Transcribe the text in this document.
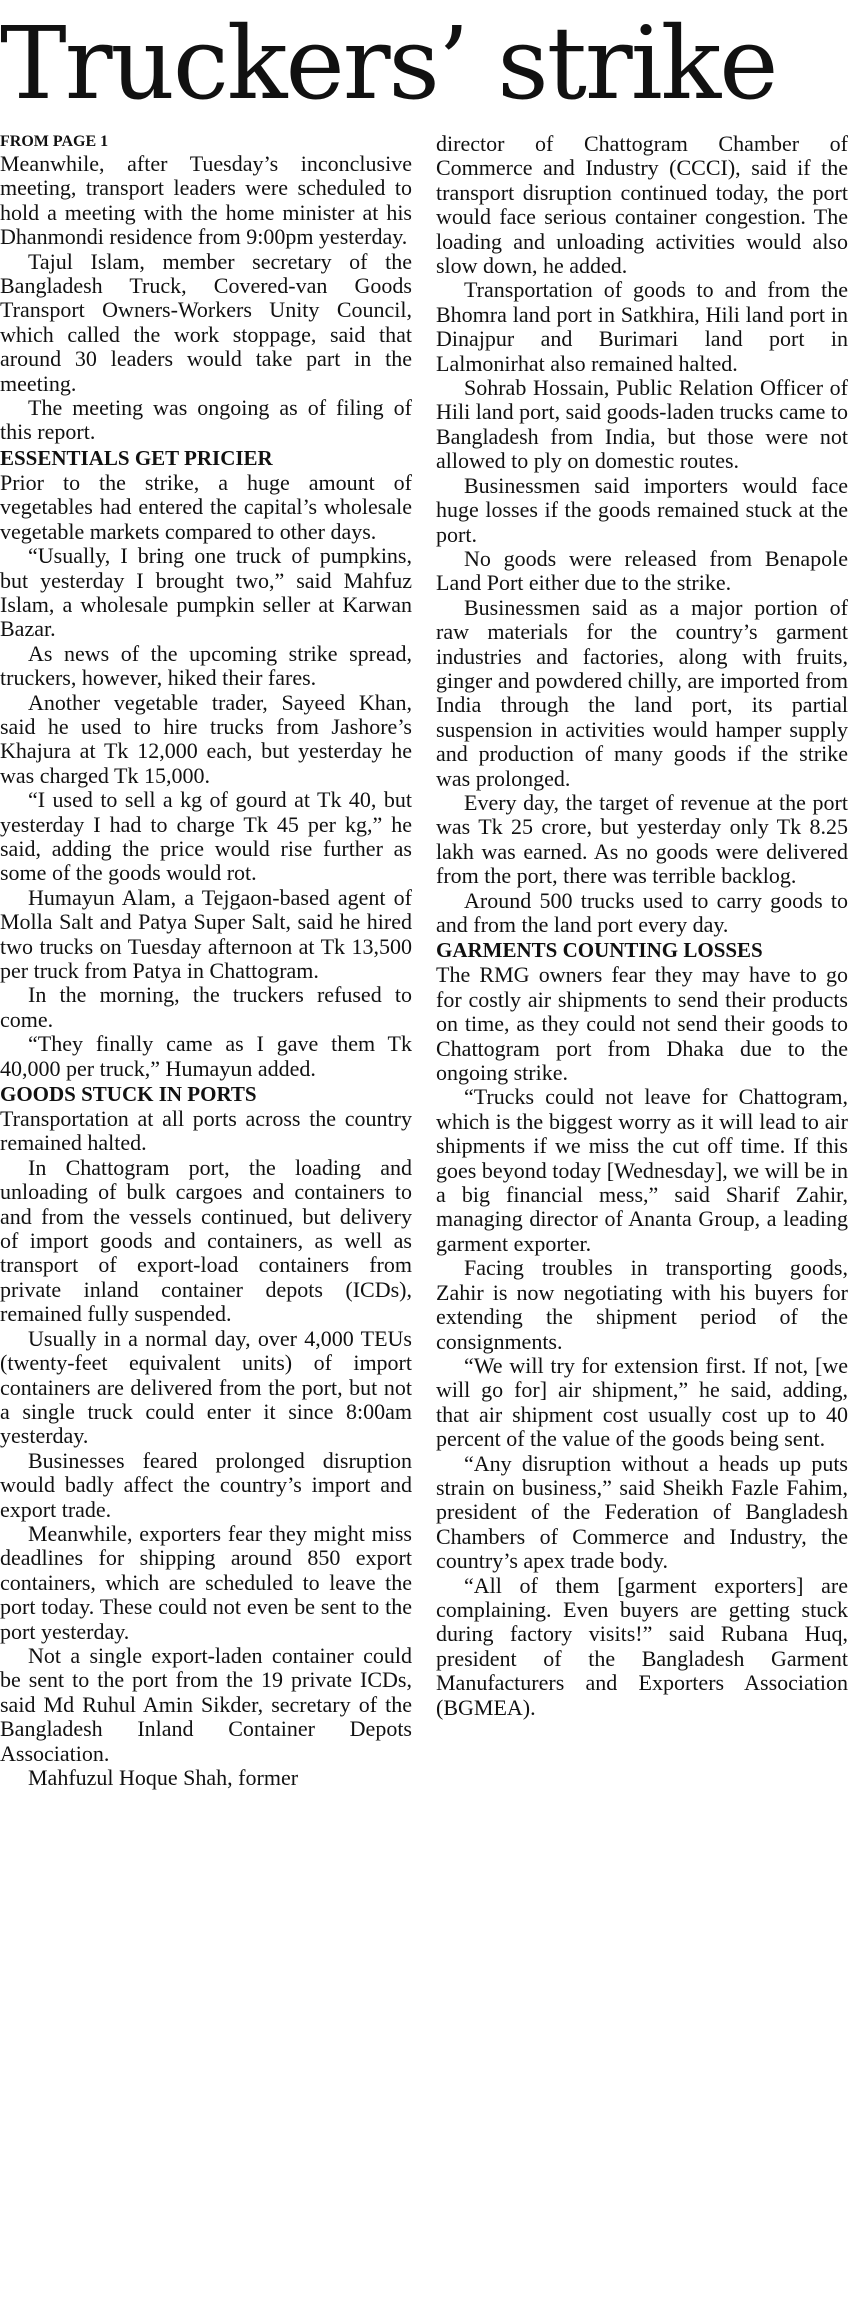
Truckers’ strike
FROM PAGE 1

Meanwhile, after Tuesday’s inconclusive meeting, transport leaders were scheduled to hold a meeting with the home minister at his Dhanmondi residence from 9:00pm yesterday.

Tajul Islam, member secretary of the Bangladesh Truck, Covered-van Goods Transport Owners-Workers Unity Council, which called the work stoppage, said that around 30 leaders would take part in the meeting.

The meeting was ongoing as of filing of this report.

ESSENTIALS GET PRICIER

Prior to the strike, a huge amount of vegetables had entered the capital’s wholesale vegetable markets compared to other days.

“Usually, I bring one truck of pumpkins, but yesterday I brought two,” said Mahfuz Islam, a wholesale pumpkin seller at Karwan Bazar.

As news of the upcoming strike spread, truckers, however, hiked their fares.

Another vegetable trader, Sayeed Khan, said he used to hire trucks from Jashore’s Khajura at Tk 12,000 each, but yesterday he was charged Tk 15,000.

“I used to sell a kg of gourd at Tk 40, but yesterday I had to charge Tk 45 per kg,” he said, adding the price would rise further as some of the goods would rot.

Humayun Alam, a Tejgaon-based agent of Molla Salt and Patya Super Salt, said he hired two trucks on Tuesday afternoon at Tk 13,500 per truck from Patya in Chattogram.

In the morning, the truckers refused to come.

“They finally came as I gave them Tk 40,000 per truck,” Humayun added.

GOODS STUCK IN PORTS

Transportation at all ports across the country remained halted.

In Chattogram port, the loading and unloading of bulk cargoes and containers to and from the vessels continued, but delivery of import goods and containers, as well as transport of export-load containers from private inland container depots (ICDs), remained fully suspended.

Usually in a normal day, over 4,000 TEUs (twenty-feet equivalent units) of import containers are delivered from the port, but not a single truck could enter it since 8:00am yesterday.

Businesses feared prolonged disruption would badly affect the country’s import and export trade.

Meanwhile, exporters fear they might miss deadlines for shipping around 850 export containers, which are scheduled to leave the port today. These could not even be sent to the port yesterday.

Not a single export-laden container could be sent to the port from the 19 private ICDs, said Md Ruhul Amin Sikder, secretary of the Bangladesh Inland Container Depots Association.

Mahfuzul Hoque Shah, former

director of Chattogram Chamber of Commerce and Industry (CCCI), said if the transport disruption continued today, the port would face serious container congestion. The loading and unloading activities would also slow down, he added.

Transportation of goods to and from the Bhomra land port in Satkhira, Hili land port in Dinajpur and Burimari land port in Lalmonirhat also remained halted.

Sohrab Hossain, Public Relation Officer of Hili land port, said goods-laden trucks came to Bangladesh from India, but those were not allowed to ply on domestic routes.

Businessmen said importers would face huge losses if the goods remained stuck at the port.

No goods were released from Benapole Land Port either due to the strike.

Businessmen said as a major portion of raw materials for the country’s garment industries and factories, along with fruits, ginger and powdered chilly, are imported from India through the land port, its partial suspension in activities would hamper supply and production of many goods if the strike was prolonged.

Every day, the target of revenue at the port was Tk 25 crore, but yesterday only Tk 8.25 lakh was earned. As no goods were delivered from the port, there was terrible backlog.

Around 500 trucks used to carry goods to and from the land port every day.

GARMENTS COUNTING LOSSES

The RMG owners fear they may have to go for costly air shipments to send their products on time, as they could not send their goods to Chattogram port from Dhaka due to the ongoing strike.

“Trucks could not leave for Chattogram, which is the biggest worry as it will lead to air shipments if we miss the cut off time. If this goes beyond today [Wednesday], we will be in a big financial mess,” said Sharif Zahir, managing director of Ananta Group, a leading garment exporter.

Facing troubles in transporting goods, Zahir is now negotiating with his buyers for extending the shipment period of the consignments.

“We will try for extension first. If not, [we will go for] air shipment,” he said, adding, that air shipment cost usually cost up to 40 percent of the value of the goods being sent.

“Any disruption without a heads up puts strain on business,” said Sheikh Fazle Fahim, president of the Federation of Bangladesh Chambers of Commerce and Industry, the country’s apex trade body.

“All of them [garment exporters] are complaining. Even buyers are getting stuck during factory visits!” said Rubana Huq, president of the Bangladesh Garment Manufacturers and Exporters Association (BGMEA).
